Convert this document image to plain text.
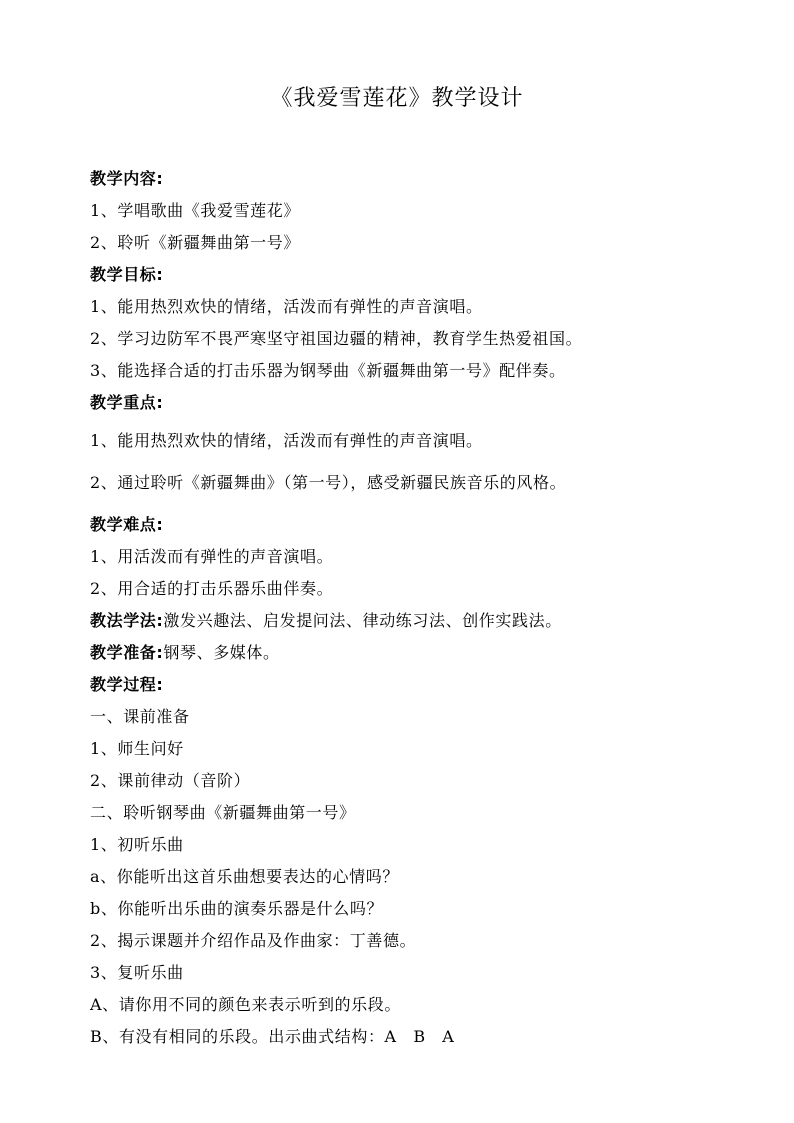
《我爱雪莲花》教学设计
教学内容:
1、学唱歌曲《我爱雪莲花》
2、聆听《新疆舞曲第一号》
教学目标:
1、能用热烈欢快的情绪，活泼而有弹性的声音演唱。
2、学习边防军不畏严寒坚守祖国边疆的精神，教育学生热爱祖国。
3、能选择合适的打击乐器为钢琴曲《新疆舞曲第一号》配伴奏。
教学重点:
1、能用热烈欢快的情绪，活泼而有弹性的声音演唱。
2、通过聆听《新疆舞曲》（第一号），感受新疆民族音乐的风格。
教学难点:
1、用活泼而有弹性的声音演唱。
2、用合适的打击乐器乐曲伴奏。
教法学法:激发兴趣法、启发提问法、律动练习法、创作实践法。
教学准备:钢琴、多媒体。
教学过程:
一、课前准备
1、师生问好
2、课前律动（音阶）
二、聆听钢琴曲《新疆舞曲第一号》
1、初听乐曲
a、你能听出这首乐曲想要表达的心情吗？
b、你能听出乐曲的演奏乐器是什么吗？
2、揭示课题并介绍作品及作曲家：丁善德。
3、复听乐曲
A、请你用不同的颜色来表示听到的乐段。
B、有没有相同的乐段。出示曲式结构：A　B　A
